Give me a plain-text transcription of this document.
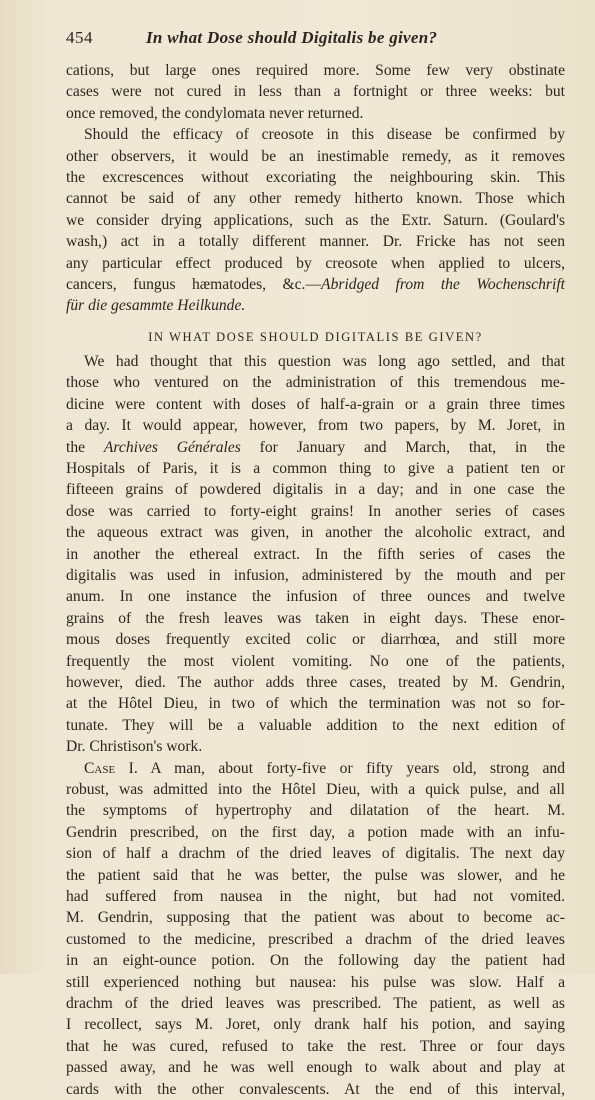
454	In what Dose should Digitalis be given?

cations, but large ones required more. Some few very obstinate
cases were not cured in less than a fortnight or three weeks: but
once removed, the condylomata never returned.

Should the efficacy of creosote in this disease be confirmed by
other observers, it would be an inestimable remedy, as it removes
the excrescences without excoriating the neighbouring skin. This
cannot be said of any other remedy hitherto known. Those which
we consider drying applications, such as the Extr. Saturn. (Goulard's
wash,) act in a totally different manner. Dr. Fricke has not seen
any particular effect produced by creosote when applied to ulcers,
cancers, fungus hæmatodes, &c.—Abridged from the Wochenschrift
für die gesammte Heilkunde.

IN WHAT DOSE SHOULD DIGITALIS BE GIVEN?

We had thought that this question was long ago settled, and that
those who ventured on the administration of this tremendous me-
dicine were content with doses of half-a-grain or a grain three times
a day. It would appear, however, from two papers, by M. Joret, in
the Archives Générales for January and March, that, in the
Hospitals of Paris, it is a common thing to give a patient ten or
fifteeen grains of powdered digitalis in a day; and in one case the
dose was carried to forty-eight grains! In another series of cases
the aqueous extract was given, in another the alcoholic extract, and
in another the ethereal extract. In the fifth series of cases the
digitalis was used in infusion, administered by the mouth and per
anum. In one instance the infusion of three ounces and twelve
grains of the fresh leaves was taken in eight days. These enor-
mous doses frequently excited colic or diarrhœa, and still more
frequently the most violent vomiting. No one of the patients,
however, died. The author adds three cases, treated by M. Gendrin,
at the Hôtel Dieu, in two of which the termination was not so for-
tunate. They will be a valuable addition to the next edition of
Dr. Christison's work.

Case I. A man, about forty-five or fifty years old, strong and
robust, was admitted into the Hôtel Dieu, with a quick pulse, and all
the symptoms of hypertrophy and dilatation of the heart. M.
Gendrin prescribed, on the first day, a potion made with an infu-
sion of half a drachm of the dried leaves of digitalis. The next day
the patient said that he was better, the pulse was slower, and he
had suffered from nausea in the night, but had not vomited.
M. Gendrin, supposing that the patient was about to become ac-
customed to the medicine, prescribed a drachm of the dried leaves
in an eight-ounce potion. On the following day the patient had
still experienced nothing but nausea: his pulse was slow. Half a
drachm of the dried leaves was prescribed. The patient, as well as
I recollect, says M. Joret, only drank half his potion, and saying
that he was cured, refused to take the rest. Three or four days
passed away, and he was well enough to walk about and play at
cards with the other convalescents. At the end of this interval,
